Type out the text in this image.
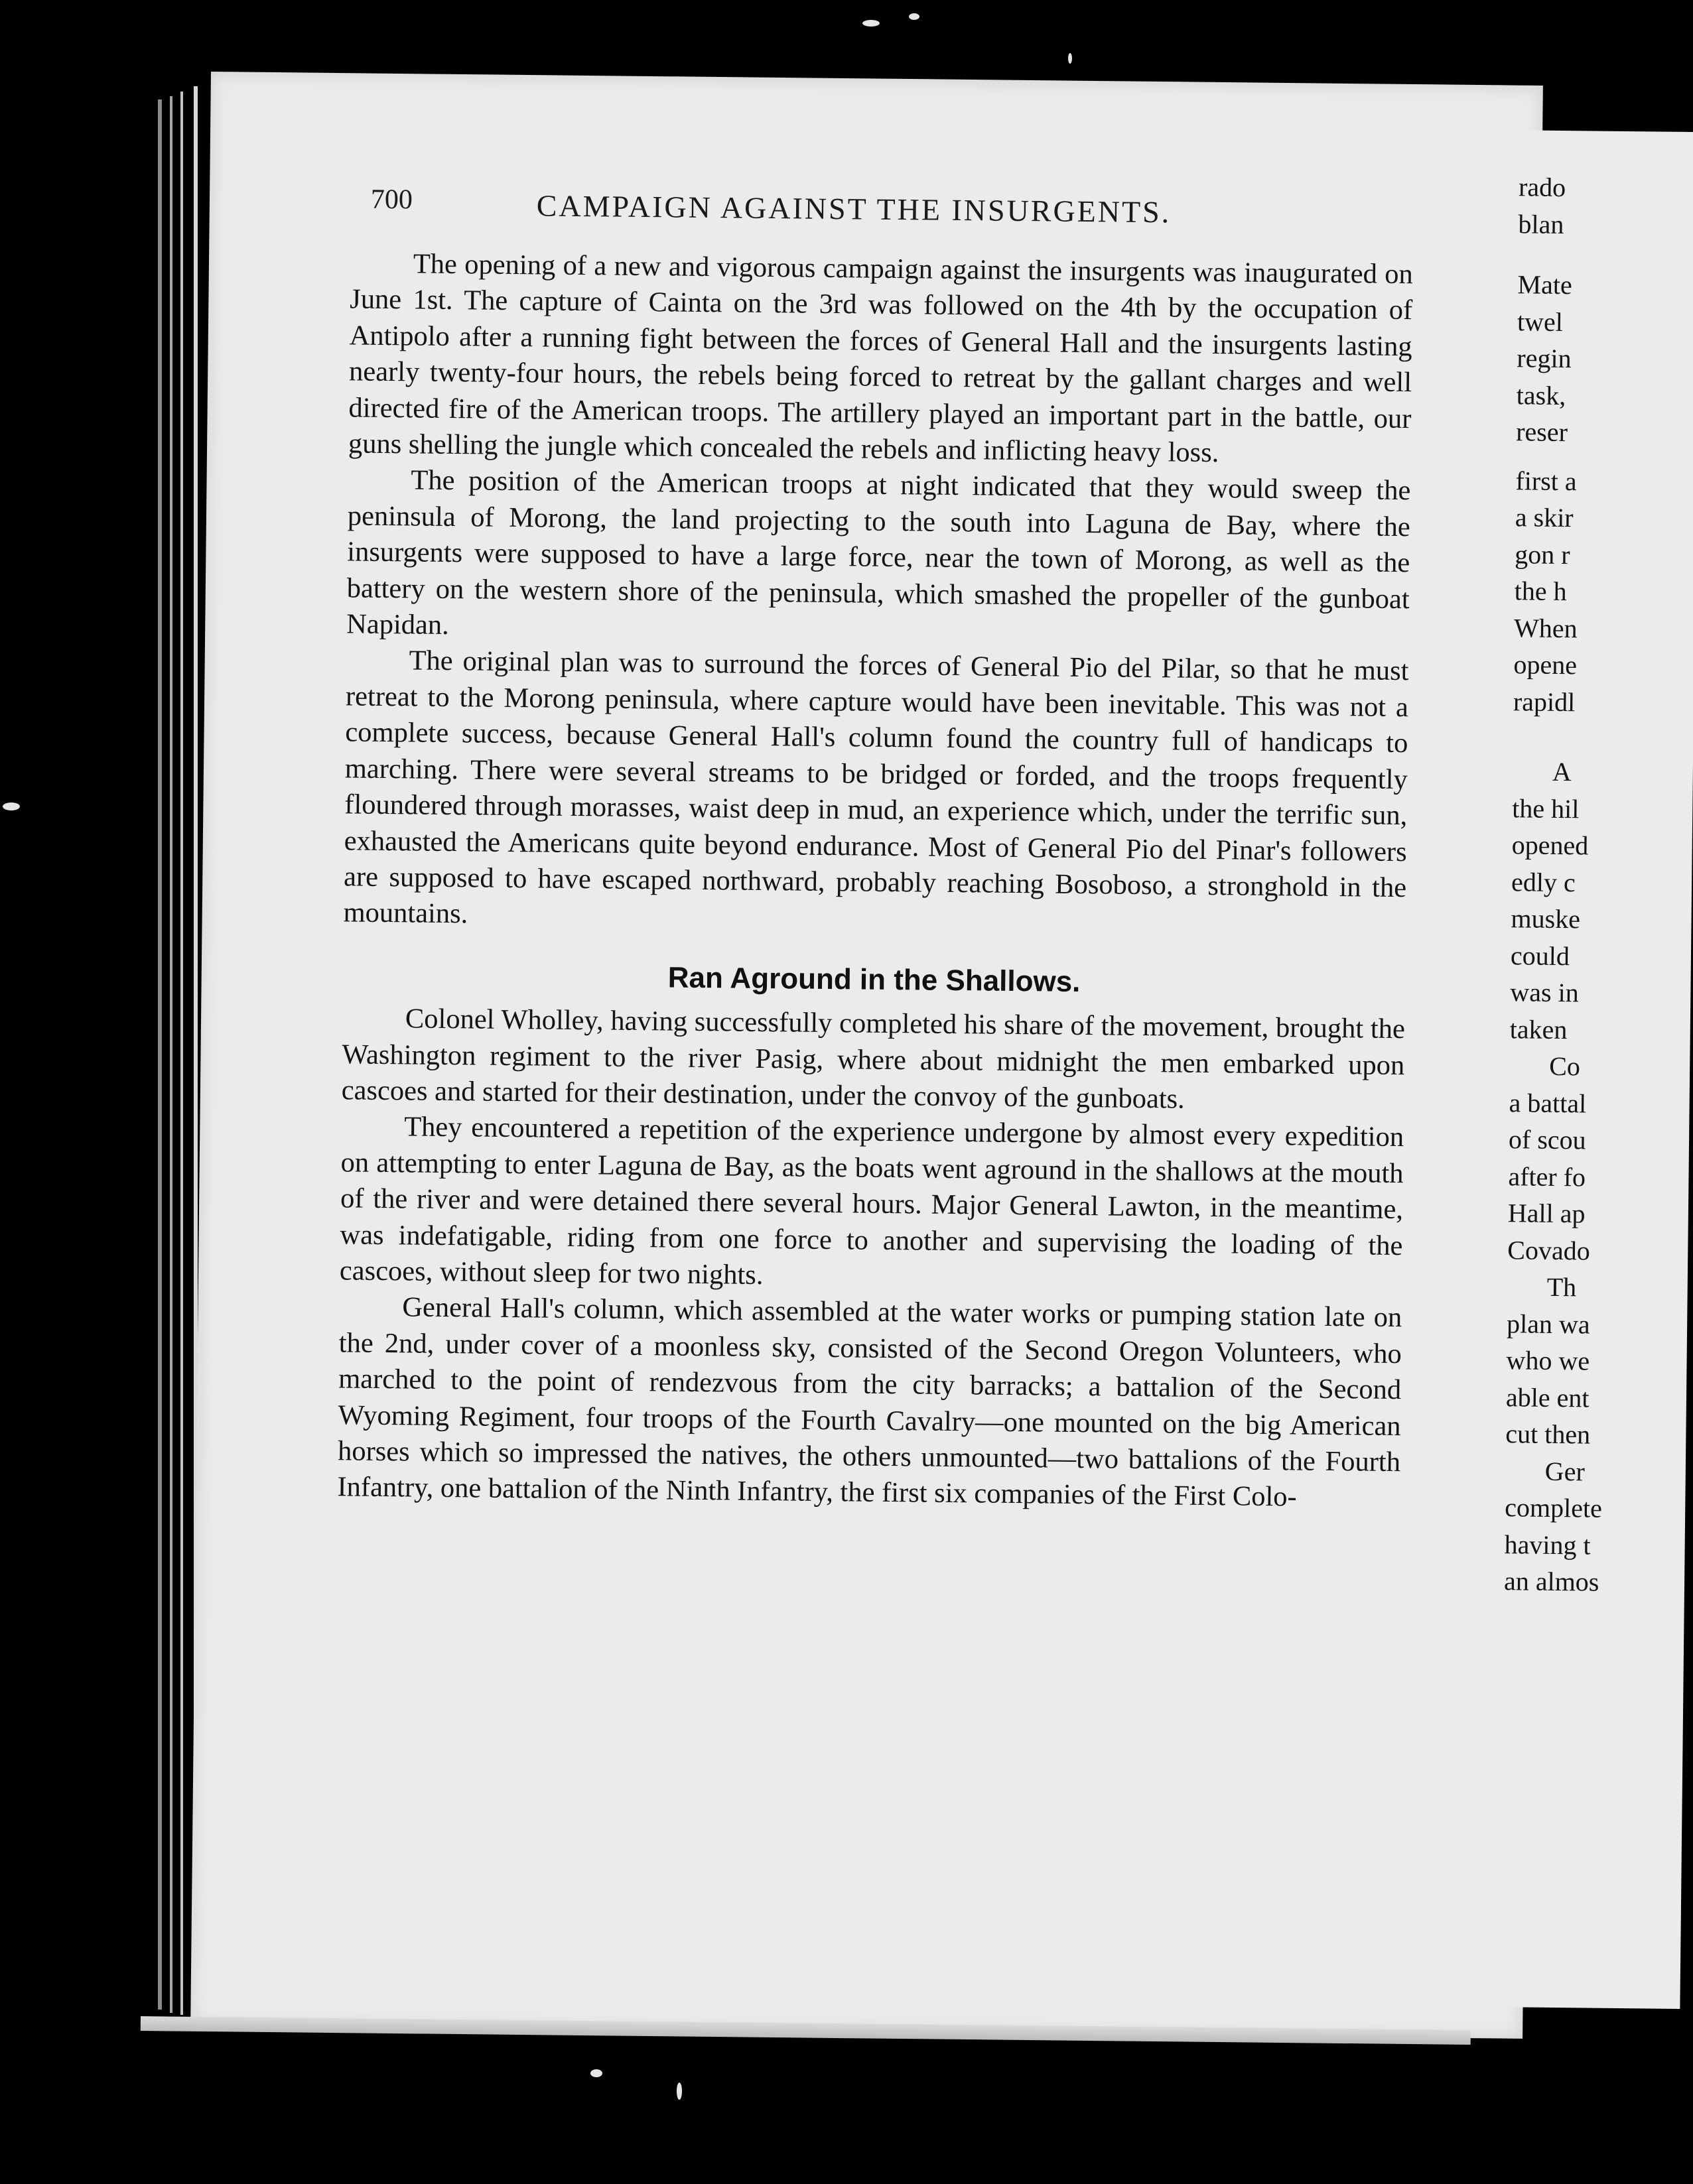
rado
blan
Mate
twel
regin
task,
reser
first a
a skir
gon r
the h
When
opene
rapidl
A
the hil
opened
edly c
muske
could
was in
taken
Co
a battal
of scou
after fo
Hall ap
Covado
Th
plan wa
who we
able ent
cut then
Ger
complete
having t
an almos
700	CAMPAIGN AGAINST THE INSURGENTS.

The opening of a new and vigorous campaign against the insurgents was inaugurated on June 1st. The capture of Cainta on the 3rd was followed on the 4th by the occupation of Antipolo after a running fight between the forces of General Hall and the insurgents lasting nearly twenty-four hours, the rebels being forced to retreat by the gallant charges and well directed fire of the American troops. The artillery played an important part in the battle, our guns shelling the jungle which concealed the rebels and inflicting heavy loss.

The position of the American troops at night indicated that they would sweep the peninsula of Morong, the land projecting to the south into Laguna de Bay, where the insurgents were supposed to have a large force, near the town of Morong, as well as the battery on the western shore of the peninsula, which smashed the propeller of the gunboat Napidan.

The original plan was to surround the forces of General Pio del Pilar, so that he must retreat to the Morong peninsula, where capture would have been inevitable. This was not a complete success, because General Hall's column found the country full of handicaps to marching. There were several streams to be bridged or forded, and the troops frequently floundered through morasses, waist deep in mud, an experience which, under the terrific sun, exhausted the Americans quite beyond endurance. Most of General Pio del Pinar's followers are supposed to have escaped northward, probably reaching Bosoboso, a stronghold in the mountains.

Ran Aground in the Shallows.

Colonel Wholley, having successfully completed his share of the movement, brought the Washington regiment to the river Pasig, where about midnight the men embarked upon cascoes and started for their destination, under the convoy of the gunboats.

They encountered a repetition of the experience undergone by almost every expedition on attempting to enter Laguna de Bay, as the boats went aground in the shallows at the mouth of the river and were detained there several hours. Major General Lawton, in the meantime, was indefatigable, riding from one force to another and supervising the loading of the cascoes, without sleep for two nights.

General Hall's column, which assembled at the water works or pumping station late on the 2nd, under cover of a moonless sky, consisted of the Second Oregon Volunteers, who marched to the point of rendezvous from the city barracks; a battalion of the Second Wyoming Regiment, four troops of the Fourth Cavalry—one mounted on the big American horses which so impressed the natives, the others unmounted—two battalions of the Fourth Infantry, one battalion of the Ninth Infantry, the first six companies of the First Colo-
